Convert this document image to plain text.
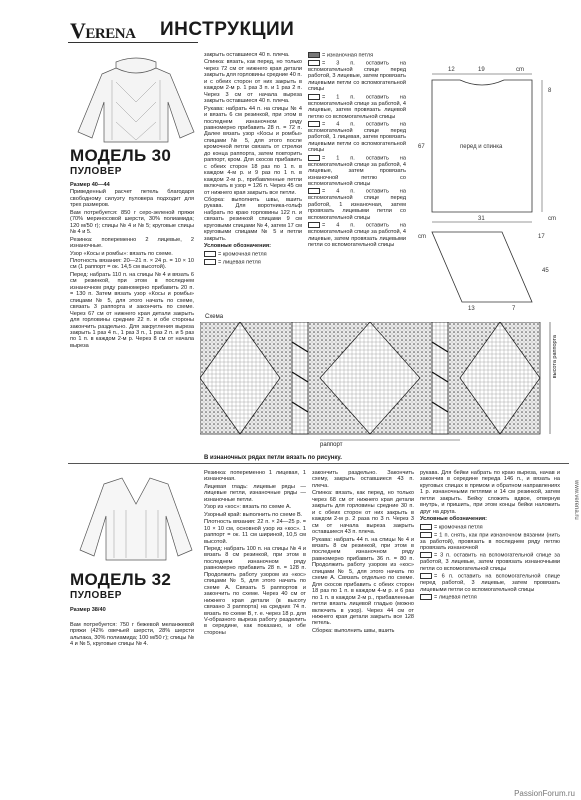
VERENA ИНСТРУКЦИИ
МОДЕЛЬ 30
ПУЛОВЕР

Размер 40—44

Приведенный расчет петель благодаря свободному силуэту пуловера подходит для трех размеров.

Вам потребуется: 850 г серо-зеленой пряжи (70% мериносовой шерсти, 30% полиамида; 120 м/50 г); спицы № 4 и № 5; круговые спицы № 4 и 5.

Резинка: попеременно 2 лицевые, 2 изнаночные.

Узор «Косы и ромбы»: вязать по схеме.

Плотность вязания: 20—21 п. × 24 р. = 10 × 10 см (1 раппорт = ок. 14,5 см высотой).

Перед: набрать 110 п. на спицы № 4 и вязать 6 см резинкой, при этом в последнем изнаночном ряду равномерно прибавить 20 п. = 130 п. Затем вязать узор «Косы и ромбы» спицами № 5, для этого начать по схеме, связать 3 раппорта и закончить по схеме. Через 67 см от нижнего края детали закрыть для горловины средние 22 п. и обе стороны закончить раздельно. Для закругления выреза закрыть 1 раз 4 п., 1 раз 3 п., 1 раз 2 п. и 5 раз по 1 п. в каждом 2-м р. Через 8 см от начала выреза

закрыть оставшиеся 40 п. плеча.

Спинка: вязать, как перед, но только через 72 см от нижнего края детали закрыть для горловины средние 40 п. и с обеих сторон от них закрыть в каждом 2-м р. 1 раз 3 п. и 1 раз 2 п. Через 3 см от начала выреза закрыть оставшиеся 40 п. плеча.

Рукава: набрать 44 п. на спицы № 4 и вязать 6 см резинкой, при этом в последнем изнаночном ряду равномерно прибавить 28 п. = 72 п. Далее вязать узор «Косы и ромбы» спицами № 5, для этого после кромочной петли связать от стрелки до конца раппорта, затем повторить раппорт, кром. Для скосов прибавить с обеих сторон 18 раз по 1 п. в каждом 4-м р. и 9 раз по 1 п. в каждом 2-м р., прибавленные петли включать в узор = 126 п. Через 45 см от нижнего края закрыть все петли.

Сборка: выполнить швы, вшить рукава. Для воротника-гольф набрать по краю горловины 122 п. и связать резинкой спицами 9 см круговыми спицами № 4, затем 17 см круговыми спицами № 5 и петли закрыть.

Условные обозначения:

= кромочная петля

= лицевая петля

= изнаночная петля

= 3 п. оставить на вспомогательной спице перед работой, 3 лицевые, затем провязать лицевыми петли со вспомогательной спицы

= 1 п. оставить на вспомогательной спице за работой, 4 лицевые, затем провязать лицевой петлю со вспомогательной спицы

= 4 п. оставить на вспомогательной спице перед работой, 1 лицевая, затем провязать лицевыми петли со вспомогательной спицы

= 1 п. оставить на вспомогательной спице за работой, 4 лицевые, затем провязать изнаночной петлю со вспомогательной спицы

= 4 п. оставить на вспомогательной спице перед работой, 1 изнаночная, затем провязать лицевыми петли со вспомогательной спицы

= 4 п. оставить на вспомогательной спице за работой, 4 лицевые, затем провязать лицевыми петли со вспомогательной спицы

12	19	cm
перед и спинка
67
8
31	cm
cm
13	7
45
17
Схема
раппорт
высота раппорта
В изнаночных рядах петли вязать по рисунку.
МОДЕЛЬ 32
ПУЛОВЕР
Размер 38/40

Вам потребуется: 750 г бежевой меланжевой пряжи (42% овечьей шерсти, 28% шерсти альпака, 30% полиамида; 100 м/50 г); спицы № 4 и № 5, круговые спицы № 4.

Резинка: попеременно 1 лицевая, 1 изнаночная.

Лицевая гладь: лицевые ряды — лицевые петли, изнаночные ряды — изнаночные петли.

Узор из «кос»: вязать по схеме А.

Узорный край: выполнить по схеме В.

Плотность вязания: 22 п. × 24—25 р. = 10 × 10 см, основной узор из «кос». 1 раппорт = ок. 11 см шириной, 10,5 см высотой.

Перед: набрать 100 п. на спицы № 4 и вязать 8 см резинкой, при этом в последнем изнаночном ряду равномерно прибавить 28 п. = 128 п. Продолжить работу узором из «кос» спицами № 5, для этого начать по схеме А. Связать 5 раппортов и закончить по схеме. Через 40 см от нижнего края детали (в высоту связано 3 раппорта) на средних 74 п. вязать по схеме В, т. е. через 18 р. для V-образного выреза работу разделить в середине, как показано, и обе стороны

закончить раздельно. Закончить схему, закрыть оставшиеся 43 п. плеча.

Спинка: вязать, как перед, но только через 68 см от нижнего края детали закрыть для горловины средние 30 п. и с обеих сторон от них закрыть в каждом 2-м р. 2 раза по 3 п. Через 3 см от начала выреза закрыть оставшиеся 43 п. плеча.

Рукава: набрать 44 п. на спицы № 4 и вязать 8 см резинкой, при этом в последнем изнаночном ряду равномерно прибавить 36 п. = 80 п. Продолжить работу узором из «кос» спицами № 5, для этого начать по схеме А. Связать отдельно по схеме. Для скосов прибавить с обеих сторон 18 раз по 1 п. в каждом 4-м р. и 6 раз по 1 п. в каждом 2-м р., прибавленные петли вязать лицевой гладью (можно включить в узор). Через 44 см от нижнего края детали закрыть все 128 петель.

Сборка: выполнить швы, вшить

рукава. Для бейки набрать по краю выреза, начав и закончив в середине переда 146 п., и вязать на круговых спицах в прямом и обратном направлениях 1 р. изнаночными петлями и 14 см резинкой, затем петли закрыть. Бейку сложить вдвое, отвернув внутрь, и пришить, при этом концы бейки наложить друг на друга.

Условные обозначения:

= кромочная петля

= 1 п. снять, как при изнаночном вязании (нить за работой), провязать в последнем ряду петлю провязать изнаночной

= 3 п. оставить на вспомогательной спице за работой, 3 лицевые, затем провязать изнаночными петли со вспомогательной спицы

= 6 п. оставить на вспомогательной спице перед работой, 3 лицевые, затем провязать лицевыми петли со вспомогательной спицы

= лицевая петля

www.verena.ru
PassionForum.ru
